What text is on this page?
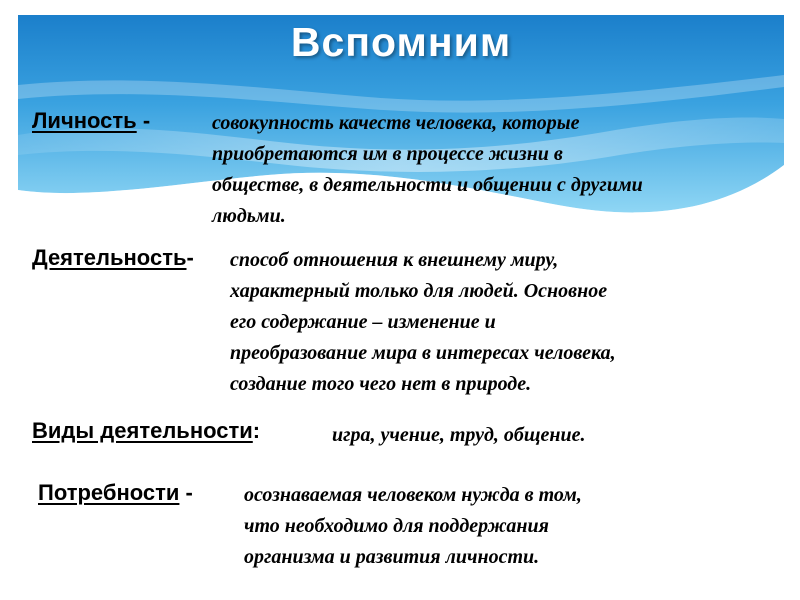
Вспомним
Личность -	совокупность качеств человека, которые
приобретаются им в процессе жизни в
обществе, в деятельности и общении с другими
людьми.
Деятельность- способ отношения к внешнему миру,
характерный только для людей. Основное
его содержание – изменение и
преобразование мира в интересах человека,
создание того чего нет в природе.
Виды деятельности:	игра, учение, труд, общение.
Потребности -	осознаваемая человеком нужда в том,
что необходимо для поддержания
организма и развития личности.
